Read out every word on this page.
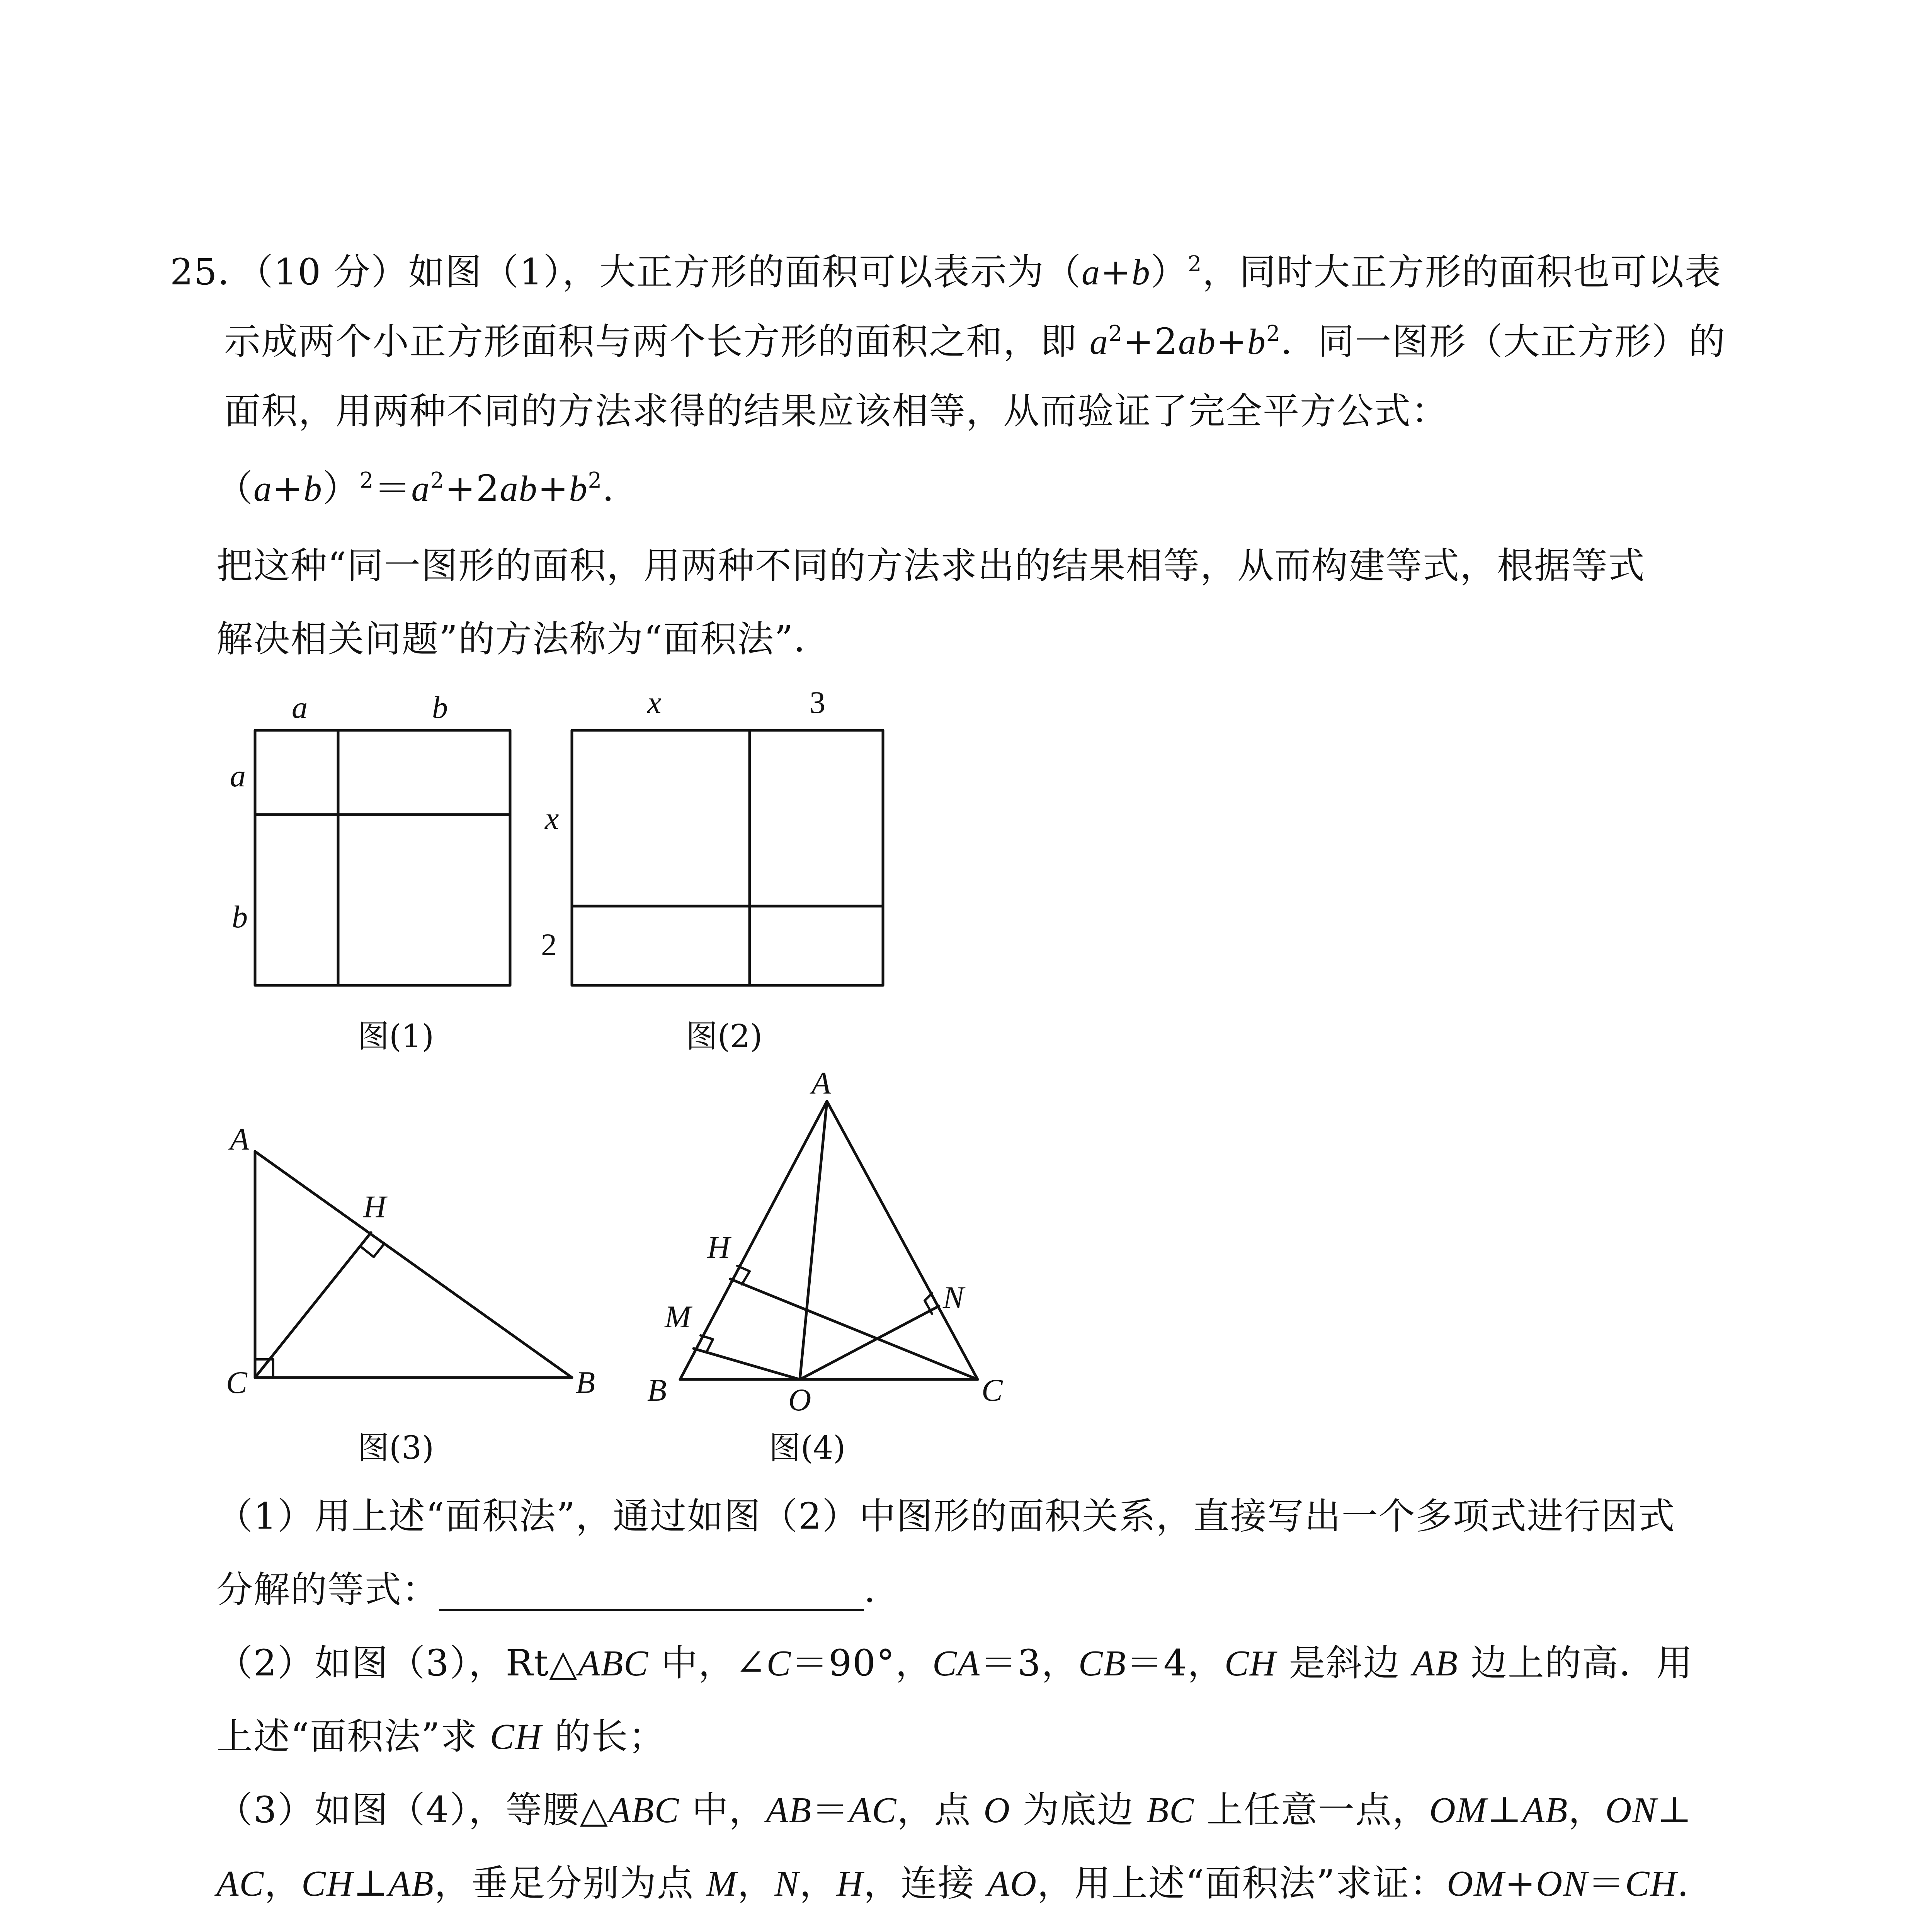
25．（10 分）如图（1），大正方形的面积可以表示为$(a+b)^2$，同时大正方形的面积也可以表
示成两个小正方形面积与两个长方形的面积之和，即 $a^2+2ab+b^2$．同一图形（大正方形）的
面积，用两种不同的方法求得的结果应该相等，从而验证了完全平方公式：
$(a+b)^2=a^2+2ab+b^2$．
把这种“同一图形的面积，用两种不同的方法求出的结果相等，从而构建等式，根据等式
解决相关问题”的方法称为“面积法”．
a	b
a
b
图(1)
x	3
x
2
图(2)
A
H
C	B
图(3)
A
H
M
N
B	O	C
图(4)
（1）用上述“面积法”，通过如图（2）中图形的面积关系，直接写出一个多项式进行因式
分解的等式：	．
（2）如图（3），Rt△ABC 中，∠C＝90°，CA＝3，CB＝4，CH 是斜边 AB 边上的高．用
上述“面积法”求 CH 的长；
（3）如图（4），等腰△ABC 中，AB＝AC，点 O 为底边 BC 上任意一点，OM⊥AB，ON⊥
AC，CH⊥AB，垂足分别为点 M，N，H，连接 AO，用上述“面积法”求证：OM+ON＝CH.
